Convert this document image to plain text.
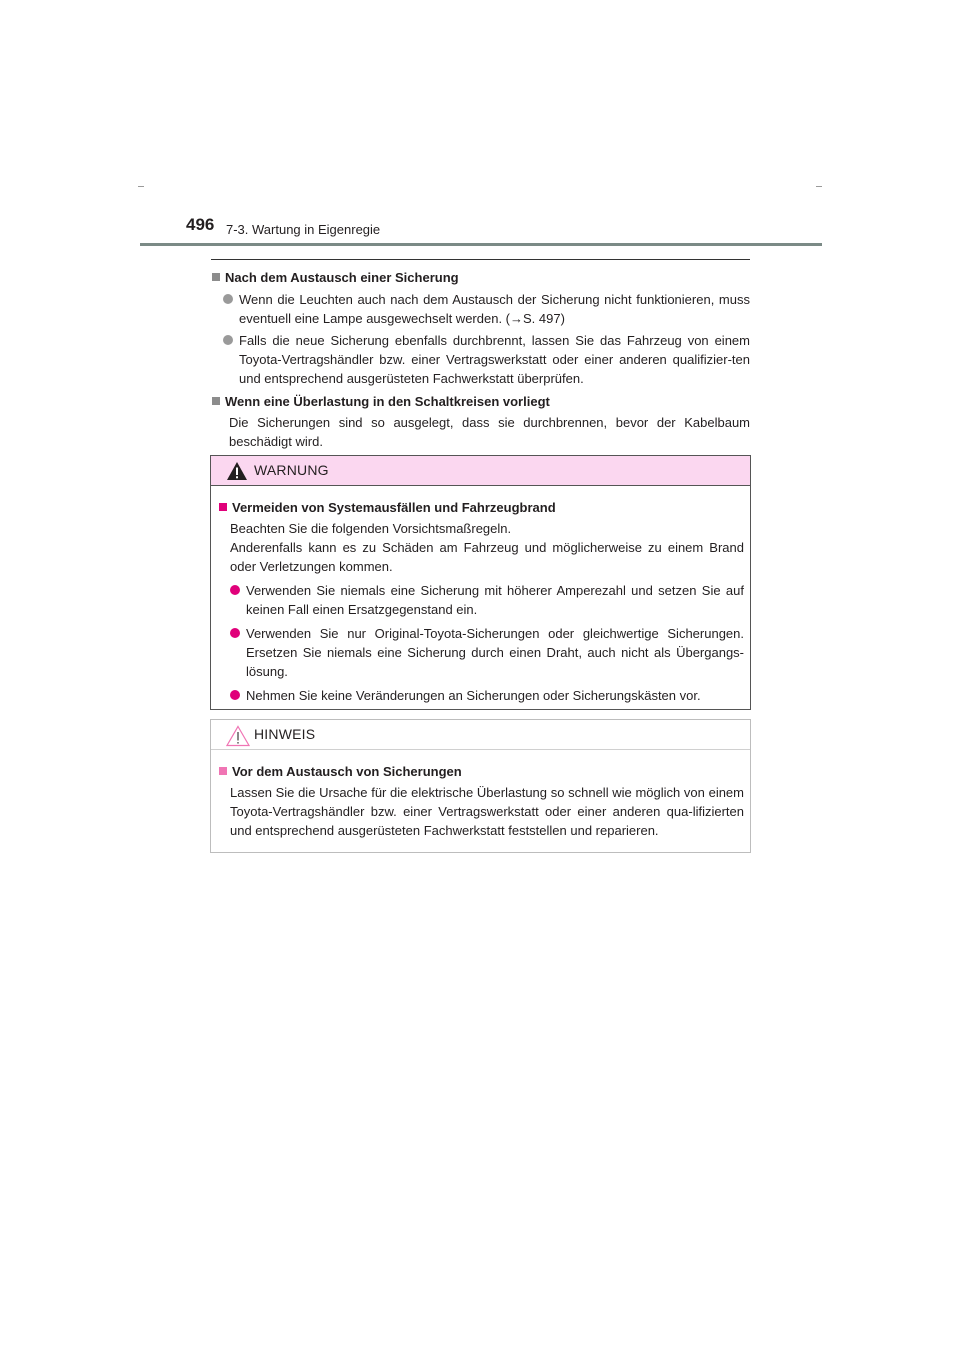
496 7-3. Wartung in Eigenregie
Nach dem Austausch einer Sicherung
Wenn die Leuchten auch nach dem Austausch der Sicherung nicht funktionieren, muss eventuell eine Lampe ausgewechselt werden. (→S. 497)
Falls die neue Sicherung ebenfalls durchbrennt, lassen Sie das Fahrzeug von einem Toyota-Vertragshändler bzw. einer Vertragswerkstatt oder einer anderen qualifizier-ten und entsprechend ausgerüsteten Fachwerkstatt überprüfen.
Wenn eine Überlastung in den Schaltkreisen vorliegt
Die Sicherungen sind so ausgelegt, dass sie durchbrennen, bevor der Kabelbaum beschädigt wird.
WARNUNG
Vermeiden von Systemausfällen und Fahrzeugbrand
Beachten Sie die folgenden Vorsichtsmaßregeln.
Anderenfalls kann es zu Schäden am Fahrzeug und möglicherweise zu einem Brand oder Verletzungen kommen.
Verwenden Sie niemals eine Sicherung mit höherer Amperezahl und setzen Sie auf keinen Fall einen Ersatzgegenstand ein.
Verwenden Sie nur Original-Toyota-Sicherungen oder gleichwertige Sicherungen. Ersetzen Sie niemals eine Sicherung durch einen Draht, auch nicht als Übergangs-lösung.
Nehmen Sie keine Veränderungen an Sicherungen oder Sicherungskästen vor.
HINWEIS
Vor dem Austausch von Sicherungen
Lassen Sie die Ursache für die elektrische Überlastung so schnell wie möglich von einem Toyota-Vertragshändler bzw. einer Vertragswerkstatt oder einer anderen qua-lifizierten und entsprechend ausgerüsteten Fachwerkstatt feststellen und reparieren.
